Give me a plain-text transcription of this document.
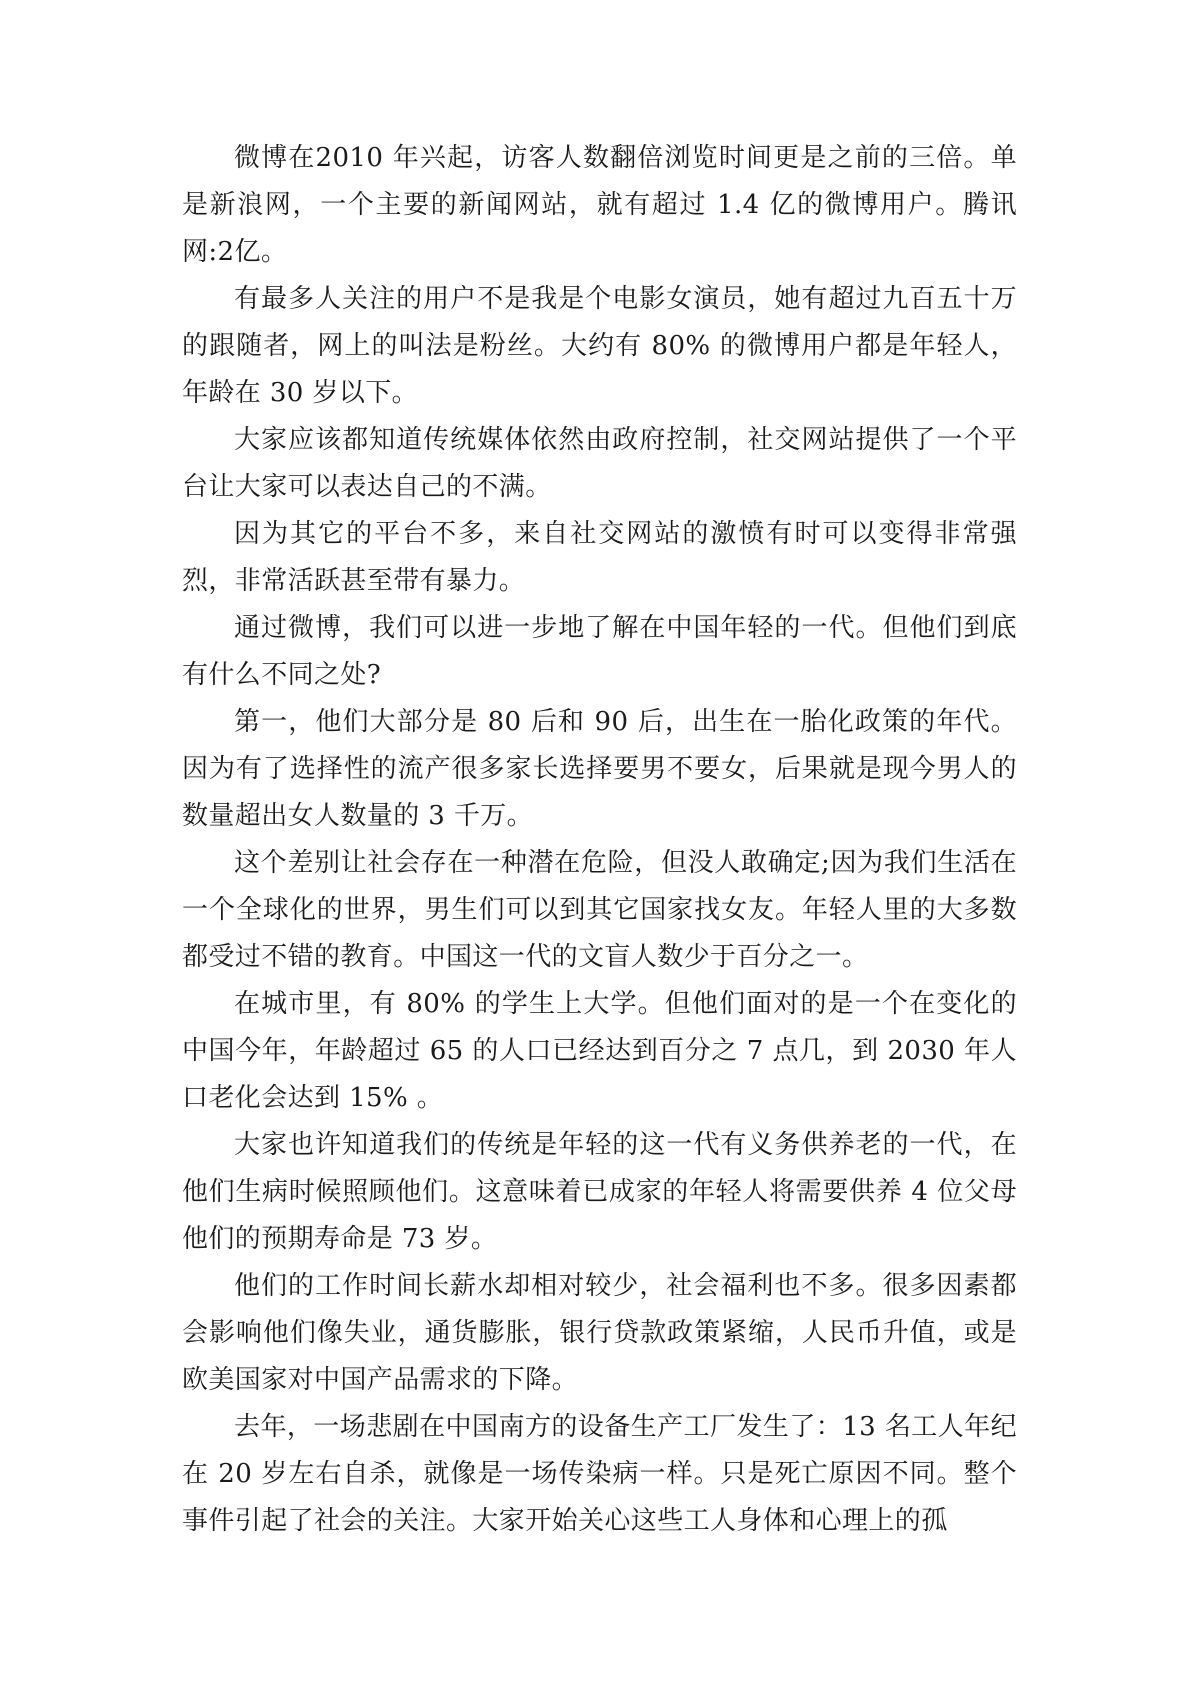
微博在2010 年兴起，访客人数翻倍浏览时间更是之前的三倍。单是新浪网，一个主要的新闻网站，就有超过 1.4 亿的微博用户。腾讯网:2亿。

有最多人关注的用户不是我是个电影女演员，她有超过九百五十万的跟随者，网上的叫法是粉丝。大约有 80% 的微博用户都是年轻人，年龄在 30 岁以下。

大家应该都知道传统媒体依然由政府控制，社交网站提供了一个平台让大家可以表达自己的不满。

因为其它的平台不多，来自社交网站的激愤有时可以变得非常强烈，非常活跃甚至带有暴力。

通过微博，我们可以进一步地了解在中国年轻的一代。但他们到底有什么不同之处?

第一，他们大部分是 80 后和 90 后，出生在一胎化政策的年代。因为有了选择性的流产很多家长选择要男不要女，后果就是现今男人的数量超出女人数量的 3 千万。

这个差别让社会存在一种潜在危险，但没人敢确定;因为我们生活在一个全球化的世界，男生们可以到其它国家找女友。年轻人里的大多数都受过不错的教育。中国这一代的文盲人数少于百分之一。

在城市里，有 80% 的学生上大学。但他们面对的是一个在变化的中国今年，年龄超过 65 的人口已经达到百分之 7 点几，到 2030 年人口老化会达到 15% 。

大家也许知道我们的传统是年轻的这一代有义务供养老的一代，在他们生病时候照顾他们。这意味着已成家的年轻人将需要供养 4 位父母他们的预期寿命是 73 岁。

他们的工作时间长薪水却相对较少，社会福利也不多。很多因素都会影响他们像失业，通货膨胀，银行贷款政策紧缩，人民币升值，或是欧美国家对中国产品需求的下降。

去年，一场悲剧在中国南方的设备生产工厂发生了：13 名工人年纪在 20 岁左右自杀，就像是一场传染病一样。只是死亡原因不同。整个事件引起了社会的关注。大家开始关心这些工人身体和心理上的孤
